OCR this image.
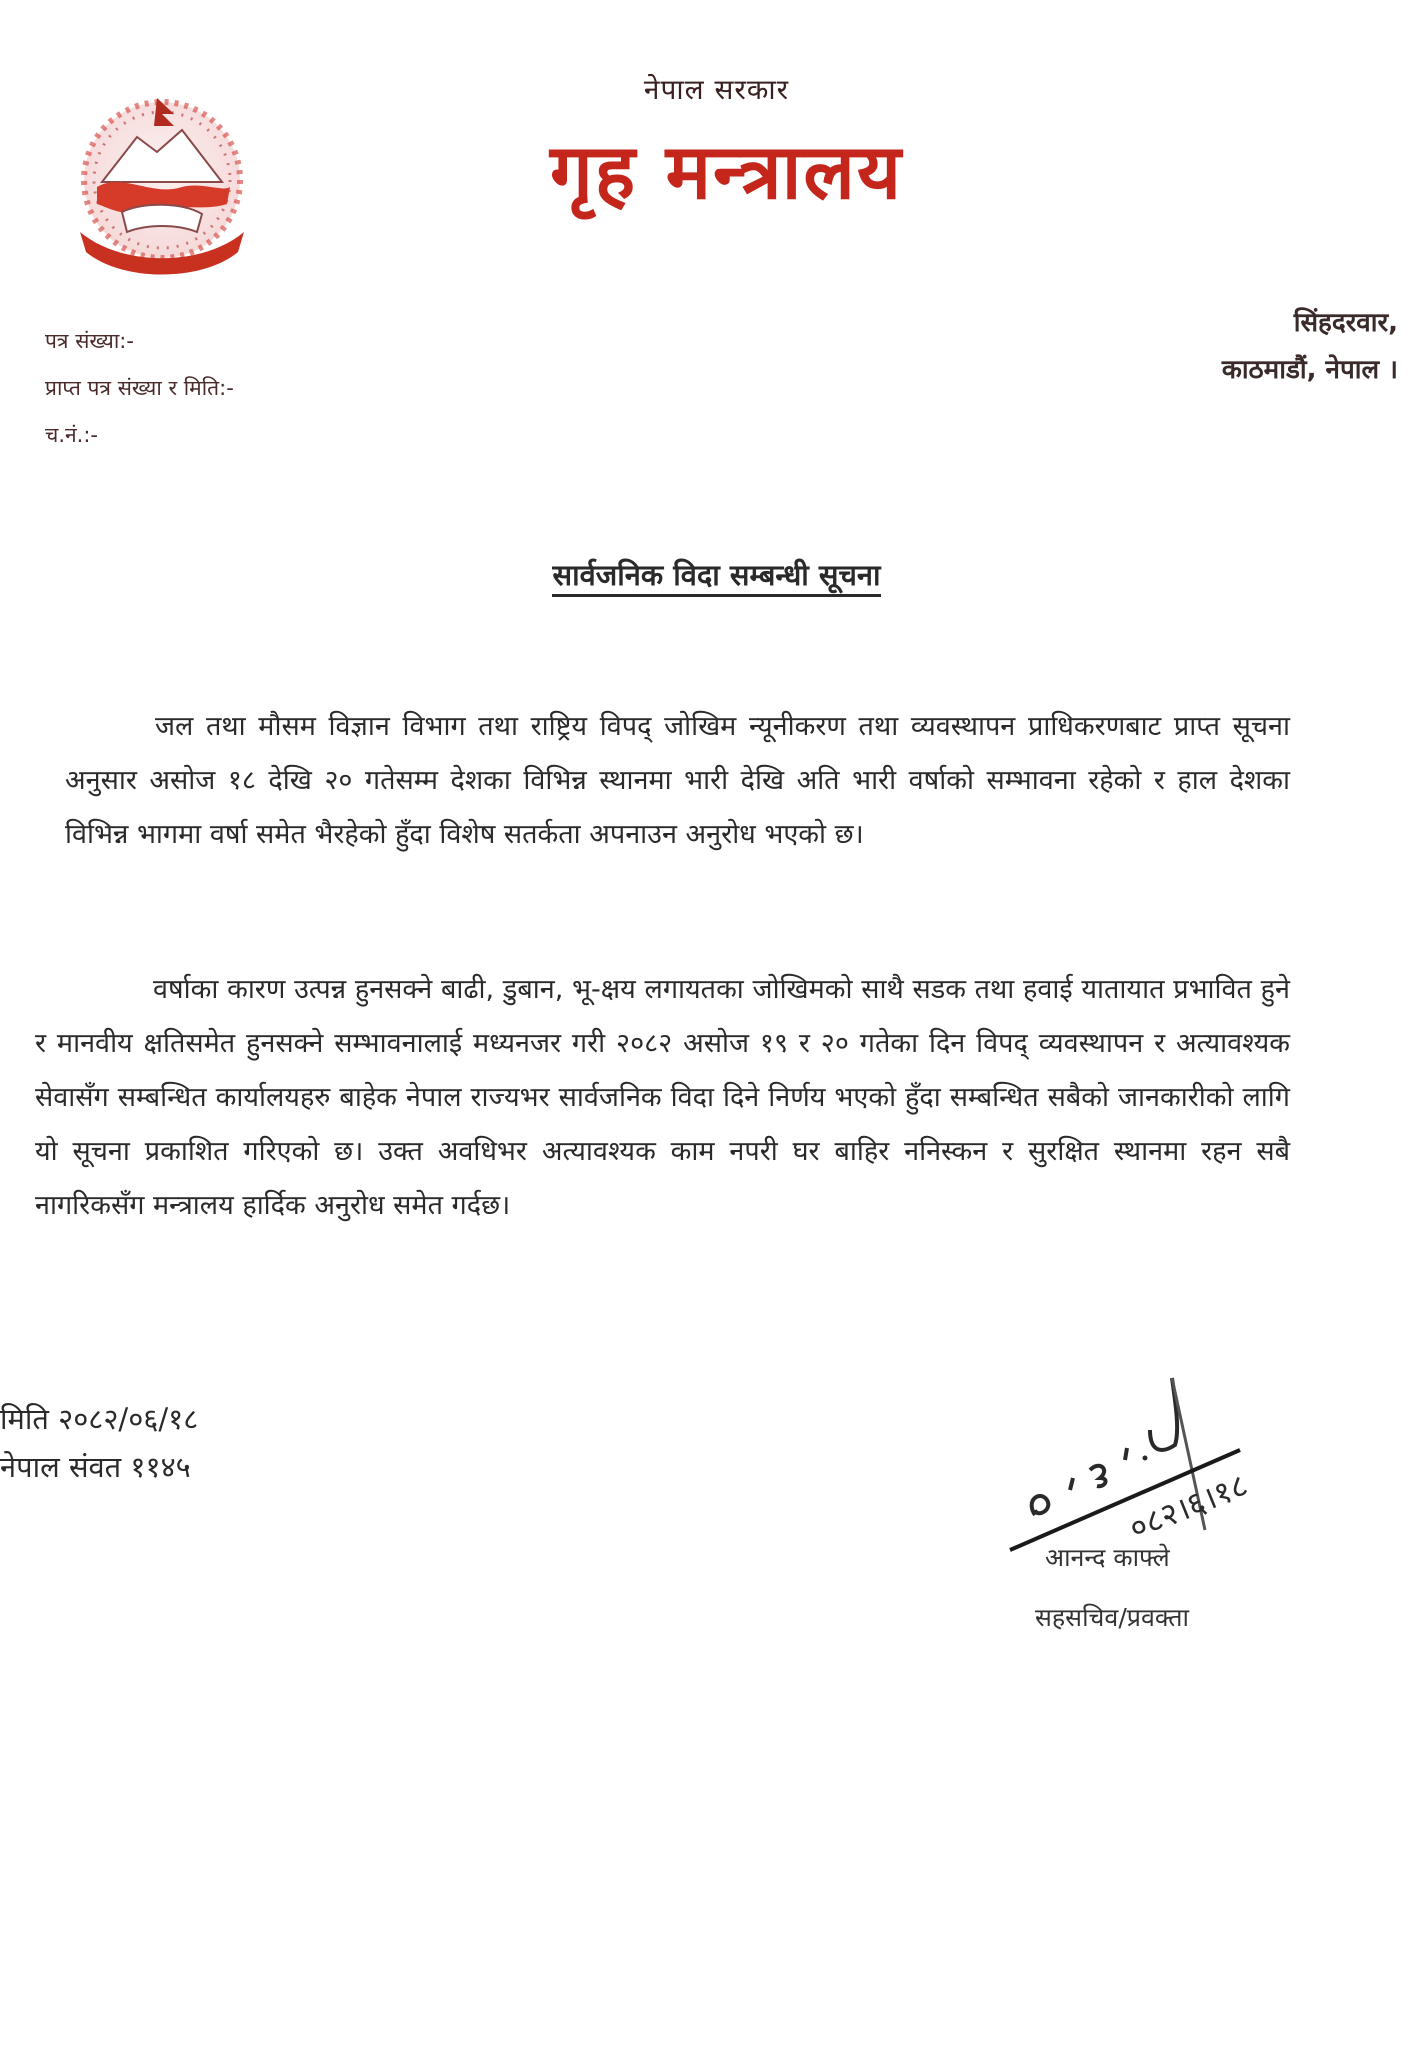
नेपाल सरकार
गृह मन्त्रालय
पत्र संख्या:-
प्राप्त पत्र संख्या र मिति:-
च.नं.:-
सिंहदरवार,
काठमाडौं, नेपाल ।
सार्वजनिक विदा सम्बन्धी सूचना
जल तथा मौसम विज्ञान विभाग तथा राष्ट्रिय विपद् जोखिम न्यूनीकरण तथा व्यवस्थापन प्राधिकरणबाट प्राप्त सूचना अनुसार असोज १८ देखि २० गतेसम्म देशका विभिन्न स्थानमा भारी देखि अति भारी वर्षाको सम्भावना रहेको र हाल देशका विभिन्न भागमा वर्षा समेत भैरहेको हुँदा विशेष सतर्कता अपनाउन अनुरोध भएको छ।
वर्षाका कारण उत्पन्न हुनसक्ने बाढी, डुबान, भू-क्षय लगायतका जोखिमको साथै सडक तथा हवाई यातायात प्रभावित हुने र मानवीय क्षतिसमेत हुनसक्ने सम्भावनालाई मध्यनजर गरी २०८२ असोज १९ र २० गतेका दिन विपद् व्यवस्थापन र अत्यावश्यक सेवासँग सम्बन्धित कार्यालयहरु बाहेक नेपाल राज्यभर सार्वजनिक विदा दिने निर्णय भएको हुँदा सम्बन्धित सबैको जानकारीको लागि यो सूचना प्रकाशित गरिएको छ। उक्त अवधिभर अत्यावश्यक काम नपरी घर बाहिर ननिस्कन र सुरक्षित स्थानमा रहन सबै नागरिकसँग मन्त्रालय हार्दिक अनुरोध समेत गर्दछ।
मिति २०८२/०६/१८
नेपाल संवत ११४५	०८२।६।१८
आनन्द काफ्ले
सहसचिव/प्रवक्ता
